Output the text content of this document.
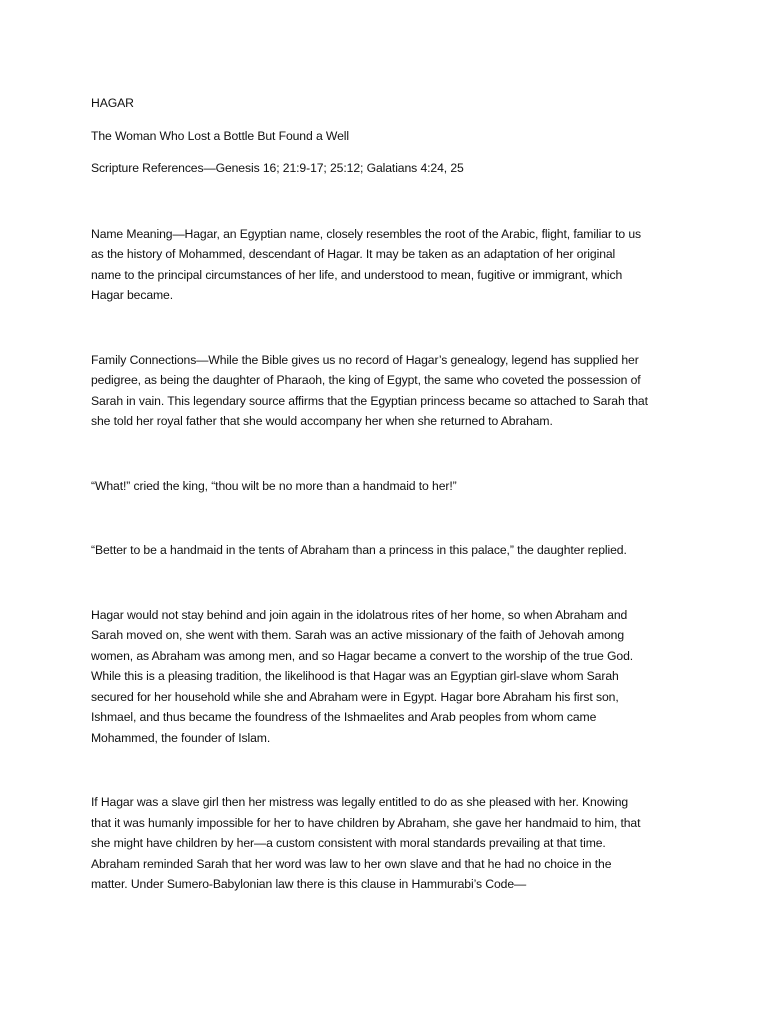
HAGAR

The Woman Who Lost a Bottle But Found a Well

Scripture References—Genesis 16; 21:9-17; 25:12; Galatians 4:24, 25

Name Meaning—Hagar, an Egyptian name, closely resembles the root of the Arabic, flight, familiar to us

as the history of Mohammed, descendant of Hagar. It may be taken as an adaptation of her original

name to the principal circumstances of her life, and understood to mean, fugitive or immigrant, which

Hagar became.

Family Connections—While the Bible gives us no record of Hagar’s genealogy, legend has supplied her

pedigree, as being the daughter of Pharaoh, the king of Egypt, the same who coveted the possession of

Sarah in vain. This legendary source affirms that the Egyptian princess became so attached to Sarah that

she told her royal father that she would accompany her when she returned to Abraham.

“What!” cried the king, “thou wilt be no more than a handmaid to her!”

“Better to be a handmaid in the tents of Abraham than a princess in this palace,” the daughter replied.

Hagar would not stay behind and join again in the idolatrous rites of her home, so when Abraham and

Sarah moved on, she went with them. Sarah was an active missionary of the faith of Jehovah among

women, as Abraham was among men, and so Hagar became a convert to the worship of the true God.

While this is a pleasing tradition, the likelihood is that Hagar was an Egyptian girl-slave whom Sarah

secured for her household while she and Abraham were in Egypt. Hagar bore Abraham his first son,

Ishmael, and thus became the foundress of the Ishmaelites and Arab peoples from whom came

Mohammed, the founder of Islam.

If Hagar was a slave girl then her mistress was legally entitled to do as she pleased with her. Knowing

that it was humanly impossible for her to have children by Abraham, she gave her handmaid to him, that

she might have children by her—a custom consistent with moral standards prevailing at that time.

Abraham reminded Sarah that her word was law to her own slave and that he had no choice in the

matter. Under Sumero-Babylonian law there is this clause in Hammurabi’s Code—
